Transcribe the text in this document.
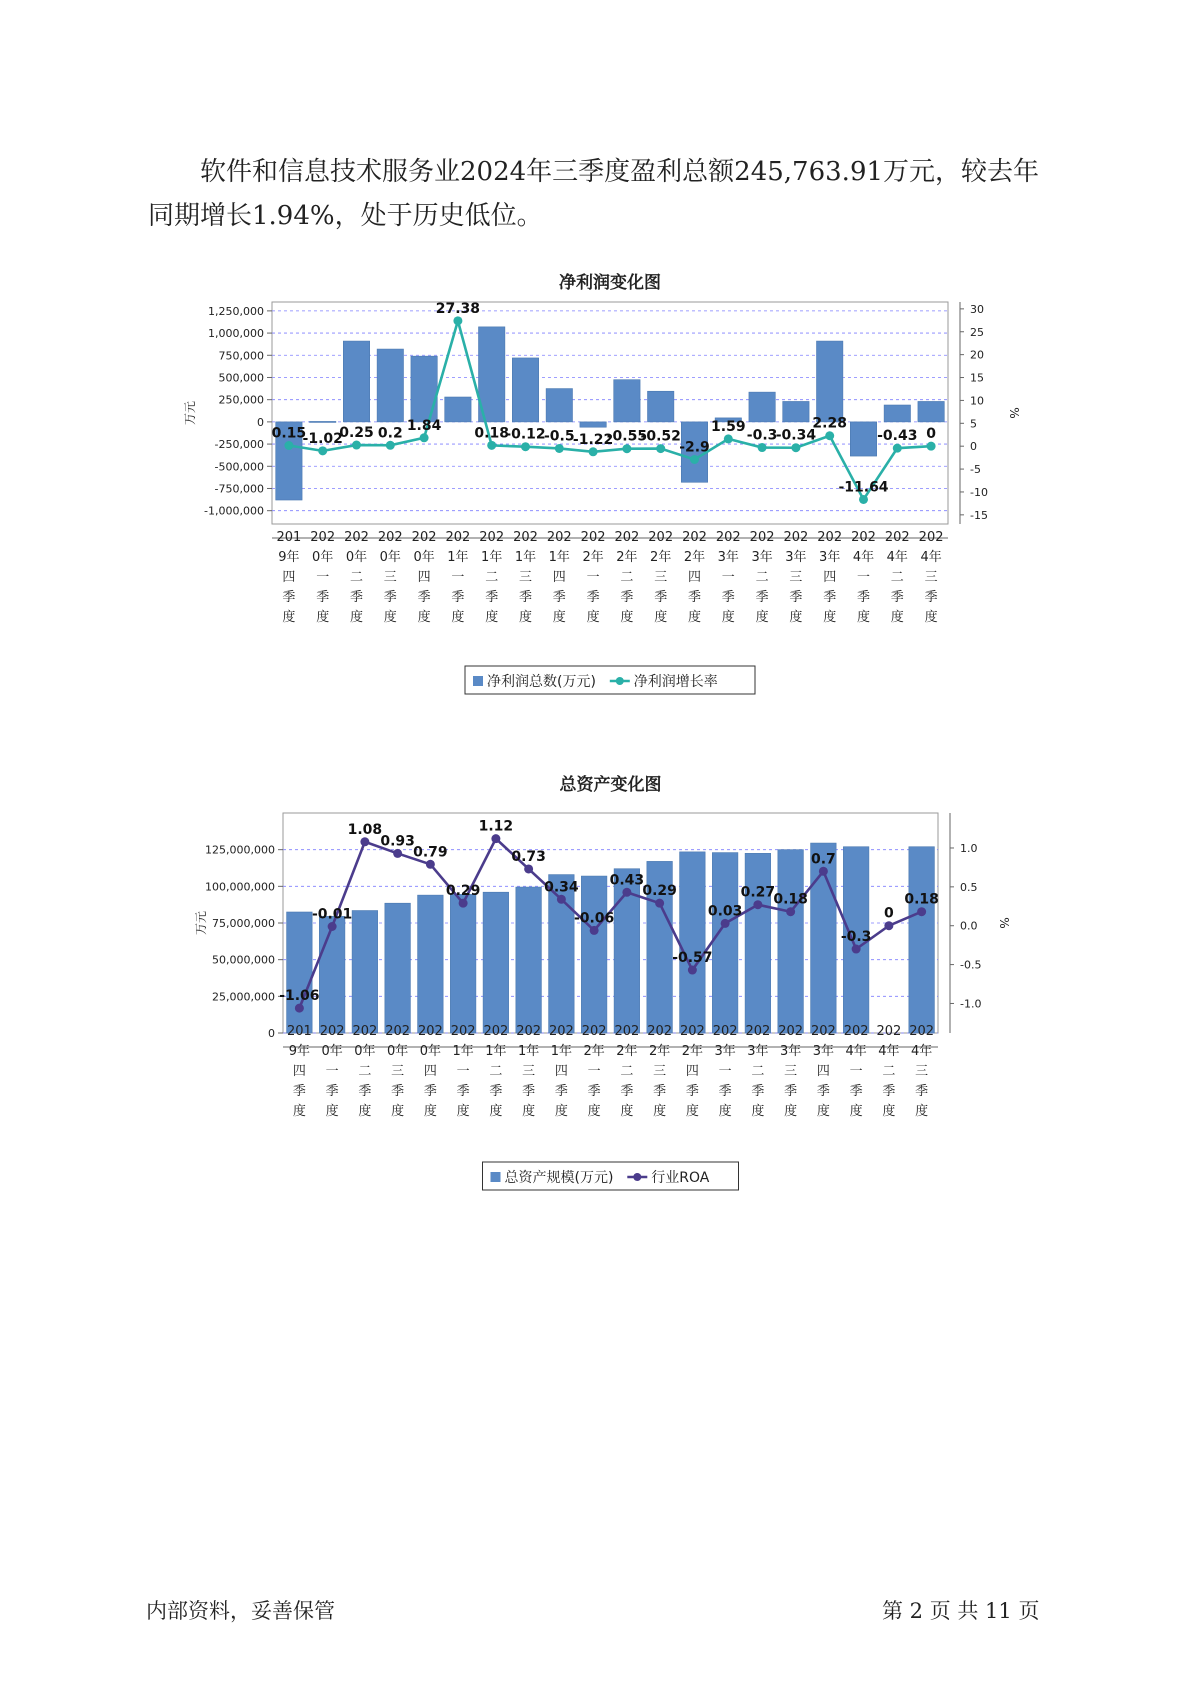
软件和信息技术服务业2024年三季度盈利总额245,763.91万元，较去年同期增长1.94%，处于历史低位。
净利润变化图
-1,000,000
-750,000
-500,000
-250,000
0
250,000
500,000
750,000
1,000,000
1,250,000
-15
-10
-5
0
5
10
15
20
25
30
万元	%
0.15
-1.02
0.25 0.2 1.84
27.38
0.18
-0.12
-0.5
-1.22
-0.55
-0.52
-2.9
1.59
-0.3
-0.34
2.28
-11.64
-0.43 0
201
9年
四
季
度
202
0年
一
季
度
202
0年
二
季
度
202
0年
三
季
度
202
0年
四
季
度
202
1年
一
季
度
202
1年
二
季
度
202
1年
三
季
度
202
1年
四
季
度
202
2年
一
季
度
202
2年
二
季
度
202
2年
三
季
度
202
2年
四
季
度
202
3年
一
季
度
202
3年
二
季
度
202
3年
三
季
度
202
3年
四
季
度
202
4年
一
季
度
202
4年
二
季
度
202
4年
三
季
度
净利润总数(万元)	净利润增长率
总资产变化图
0
25,000,000
50,000,000
75,000,000
100,000,000
125,000,000
-1.0
-0.5
0.0
0.5
1.0
万元	%
-1.06
-0.01
1.08
0.93
0.79
0.29
1.12
0.73
0.34
-0.06
0.43
0.29
-0.57
0.03
0.27
0.18
0.7
-0.3
0
0.18
201
9年
四
季
度
202
0年
一
季
度
202
0年
二
季
度
202
0年
三
季
度
202
0年
四
季
度
202
1年
一
季
度
202
1年
二
季
度
202
1年
三
季
度
202
1年
四
季
度
202
2年
一
季
度
202
2年
二
季
度
202
2年
三
季
度
202
2年
四
季
度
202
3年
一
季
度
202
3年
二
季
度
202
3年
三
季
度
202
3年
四
季
度
202
4年
一
季
度
202
4年
二
季
度
202
4年
三
季
度
总资产规模(万元)	行业ROA
内部资料，妥善保管	第 2 页 共 11 页
